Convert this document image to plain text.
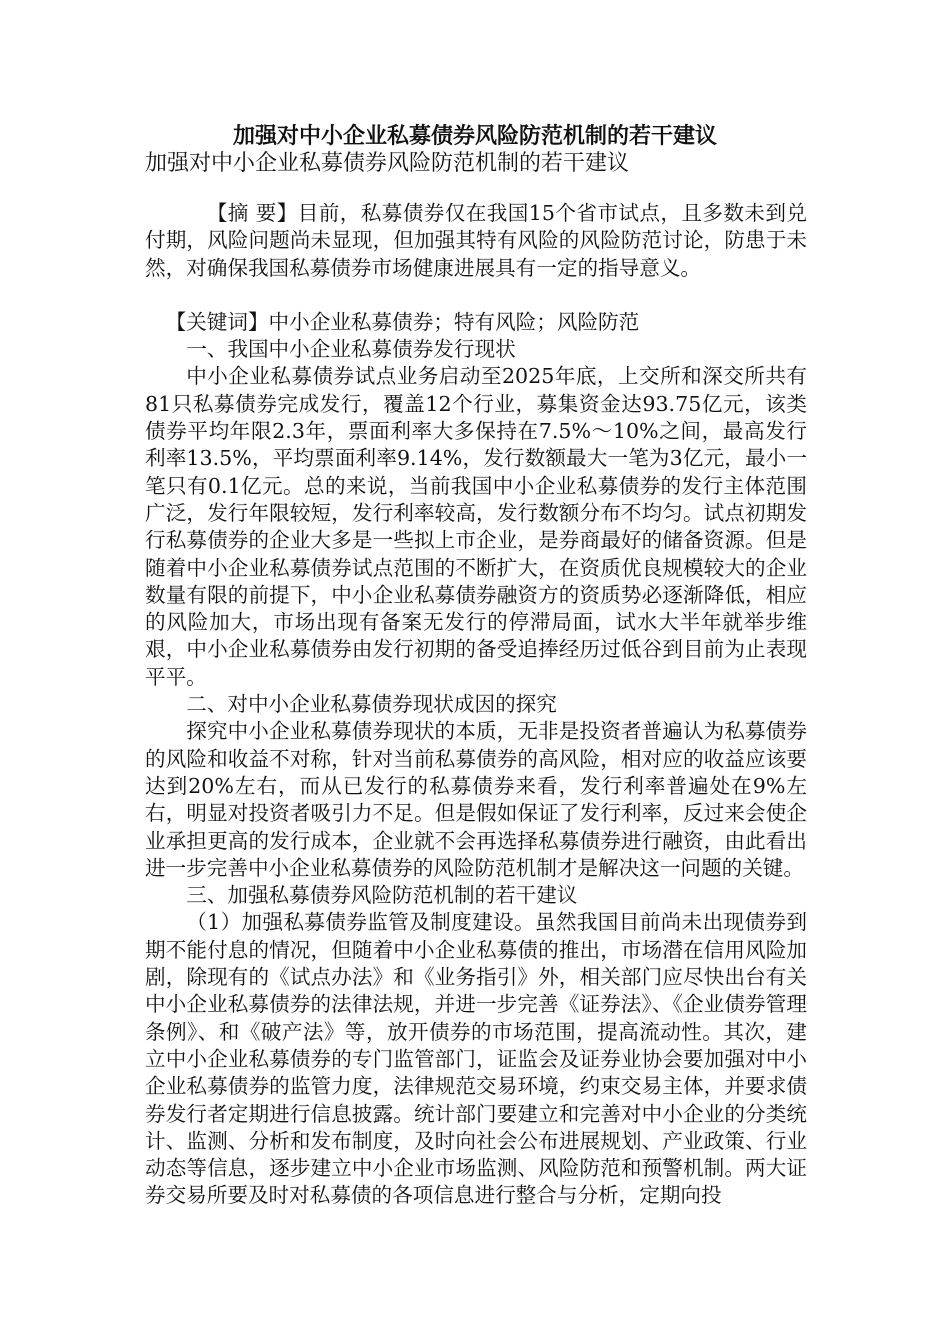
加强对中小企业私募债券风险防范机制的若干建议
加强对中小企业私募债券风险防范机制的若干建议

【摘 要】目前，私募债券仅在我国15个省市试点，且多数未到兑付期，风险问题尚未显现，但加强其特有风险的风险防范讨论，防患于未然，对确保我国私募债券市场健康进展具有一定的指导意义。

【关键词】中小企业私募债券；特有风险；风险防范

一、我国中小企业私募债券发行现状

中小企业私募债券试点业务启动至2025年底，上交所和深交所共有81只私募债券完成发行，覆盖12个行业，募集资金达93.75亿元，该类债券平均年限2.3年，票面利率大多保持在7.5%～10%之间，最高发行利率13.5%，平均票面利率9.14%，发行数额最大一笔为3亿元，最小一笔只有0.1亿元。总的来说，当前我国中小企业私募债券的发行主体范围广泛，发行年限较短，发行利率较高，发行数额分布不均匀。试点初期发行私募债券的企业大多是一些拟上市企业，是券商最好的储备资源。但是随着中小企业私募债券试点范围的不断扩大，在资质优良规模较大的企业数量有限的前提下，中小企业私募债券融资方的资质势必逐渐降低，相应的风险加大，市场出现有备案无发行的停滞局面，试水大半年就举步维艰，中小企业私募债券由发行初期的备受追捧经历过低谷到目前为止表现平平。

二、对中小企业私募债券现状成因的探究

探究中小企业私募债券现状的本质，无非是投资者普遍认为私募债券的风险和收益不对称，针对当前私募债券的高风险，相对应的收益应该要达到20%左右，而从已发行的私募债券来看，发行利率普遍处在9%左右，明显对投资者吸引力不足。但是假如保证了发行利率，反过来会使企业承担更高的发行成本，企业就不会再选择私募债券进行融资，由此看出进一步完善中小企业私募债券的风险防范机制才是解决这一问题的关键。

三、加强私募债券风险防范机制的若干建议

（1）加强私募债券监管及制度建设。虽然我国目前尚未出现债券到期不能付息的情况，但随着中小企业私募债的推出，市场潜在信用风险加剧，除现有的《试点办法》和《业务指引》外，相关部门应尽快出台有关中小企业私募债券的法律法规，并进一步完善《证券法》、《企业债券管理条例》、和《破产法》等，放开债券的市场范围，提高流动性。其次，建立中小企业私募债券的专门监管部门，证监会及证券业协会要加强对中小企业私募债券的监管力度，法律规范交易环境，约束交易主体，并要求债券发行者定期进行信息披露。统计部门要建立和完善对中小企业的分类统计、监测、分析和发布制度，及时向社会公布进展规划、产业政策、行业动态等信息，逐步建立中小企业市场监测、风险防范和预警机制。两大证券交易所要及时对私募债的各项信息进行整合与分析，定期向投
